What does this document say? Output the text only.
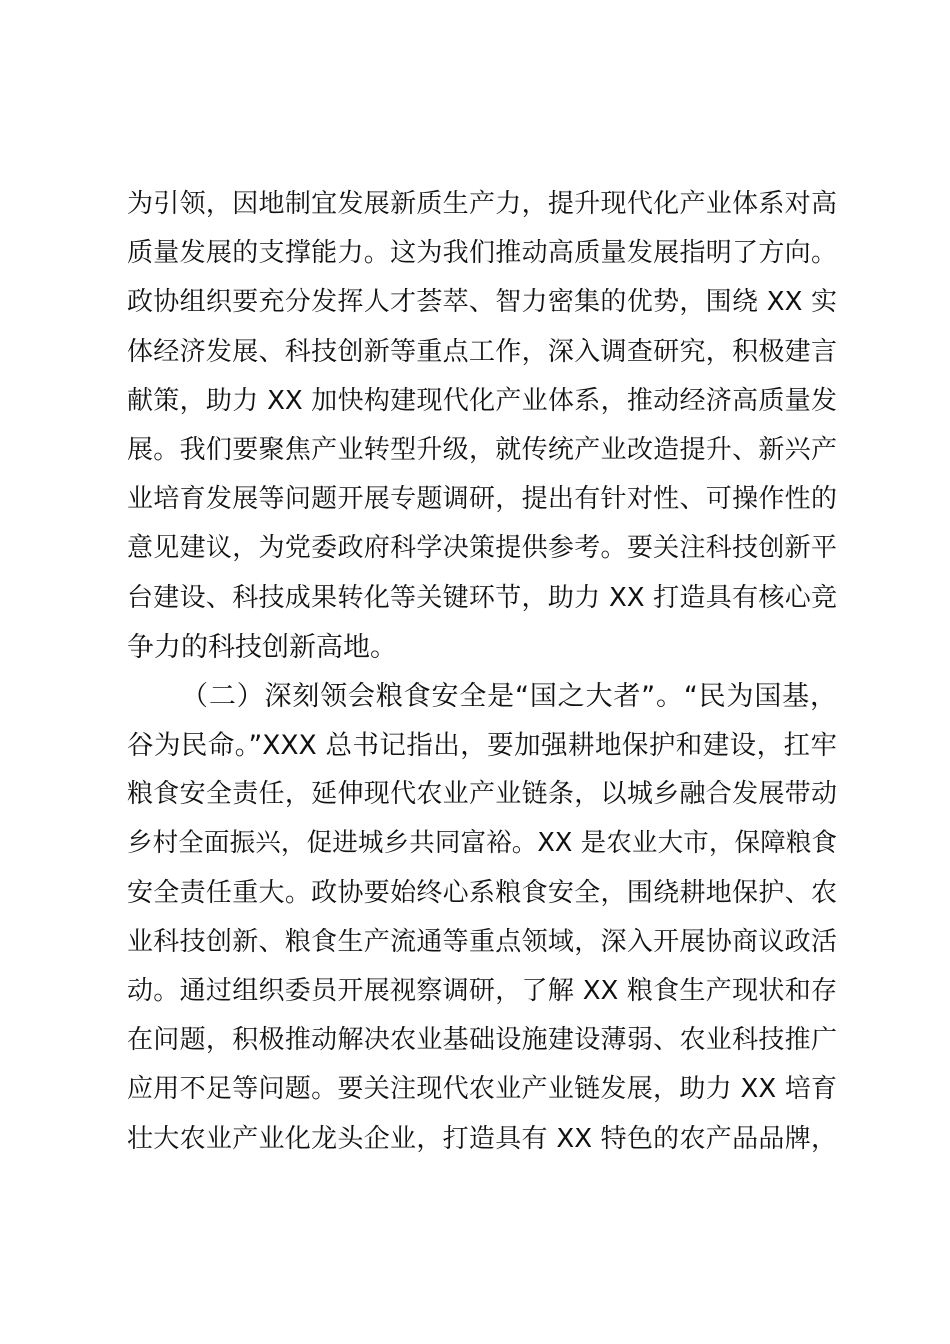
为引领，因地制宜发展新质生产力，提升现代化产业体系对高
质量发展的支撑能力。这为我们推动高质量发展指明了方向。
政协组织要充分发挥人才荟萃、智力密集的优势，围绕 XX 实
体经济发展、科技创新等重点工作，深入调查研究，积极建言
献策，助力 XX 加快构建现代化产业体系，推动经济高质量发
展。我们要聚焦产业转型升级，就传统产业改造提升、新兴产
业培育发展等问题开展专题调研，提出有针对性、可操作性的
意见建议，为党委政府科学决策提供参考。要关注科技创新平
台建设、科技成果转化等关键环节，助力 XX 打造具有核心竞
争力的科技创新高地。
（二）深刻领会粮食安全是“国之大者”。“民为国基，
谷为民命。”XXX 总书记指出，要加强耕地保护和建设，扛牢
粮食安全责任，延伸现代农业产业链条，以城乡融合发展带动
乡村全面振兴，促进城乡共同富裕。XX 是农业大市，保障粮食
安全责任重大。政协要始终心系粮食安全，围绕耕地保护、农
业科技创新、粮食生产流通等重点领域，深入开展协商议政活
动。通过组织委员开展视察调研，了解 XX 粮食生产现状和存
在问题，积极推动解决农业基础设施建设薄弱、农业科技推广
应用不足等问题。要关注现代农业产业链发展，助力 XX 培育
壮大农业产业化龙头企业，打造具有 XX 特色的农产品品牌，
